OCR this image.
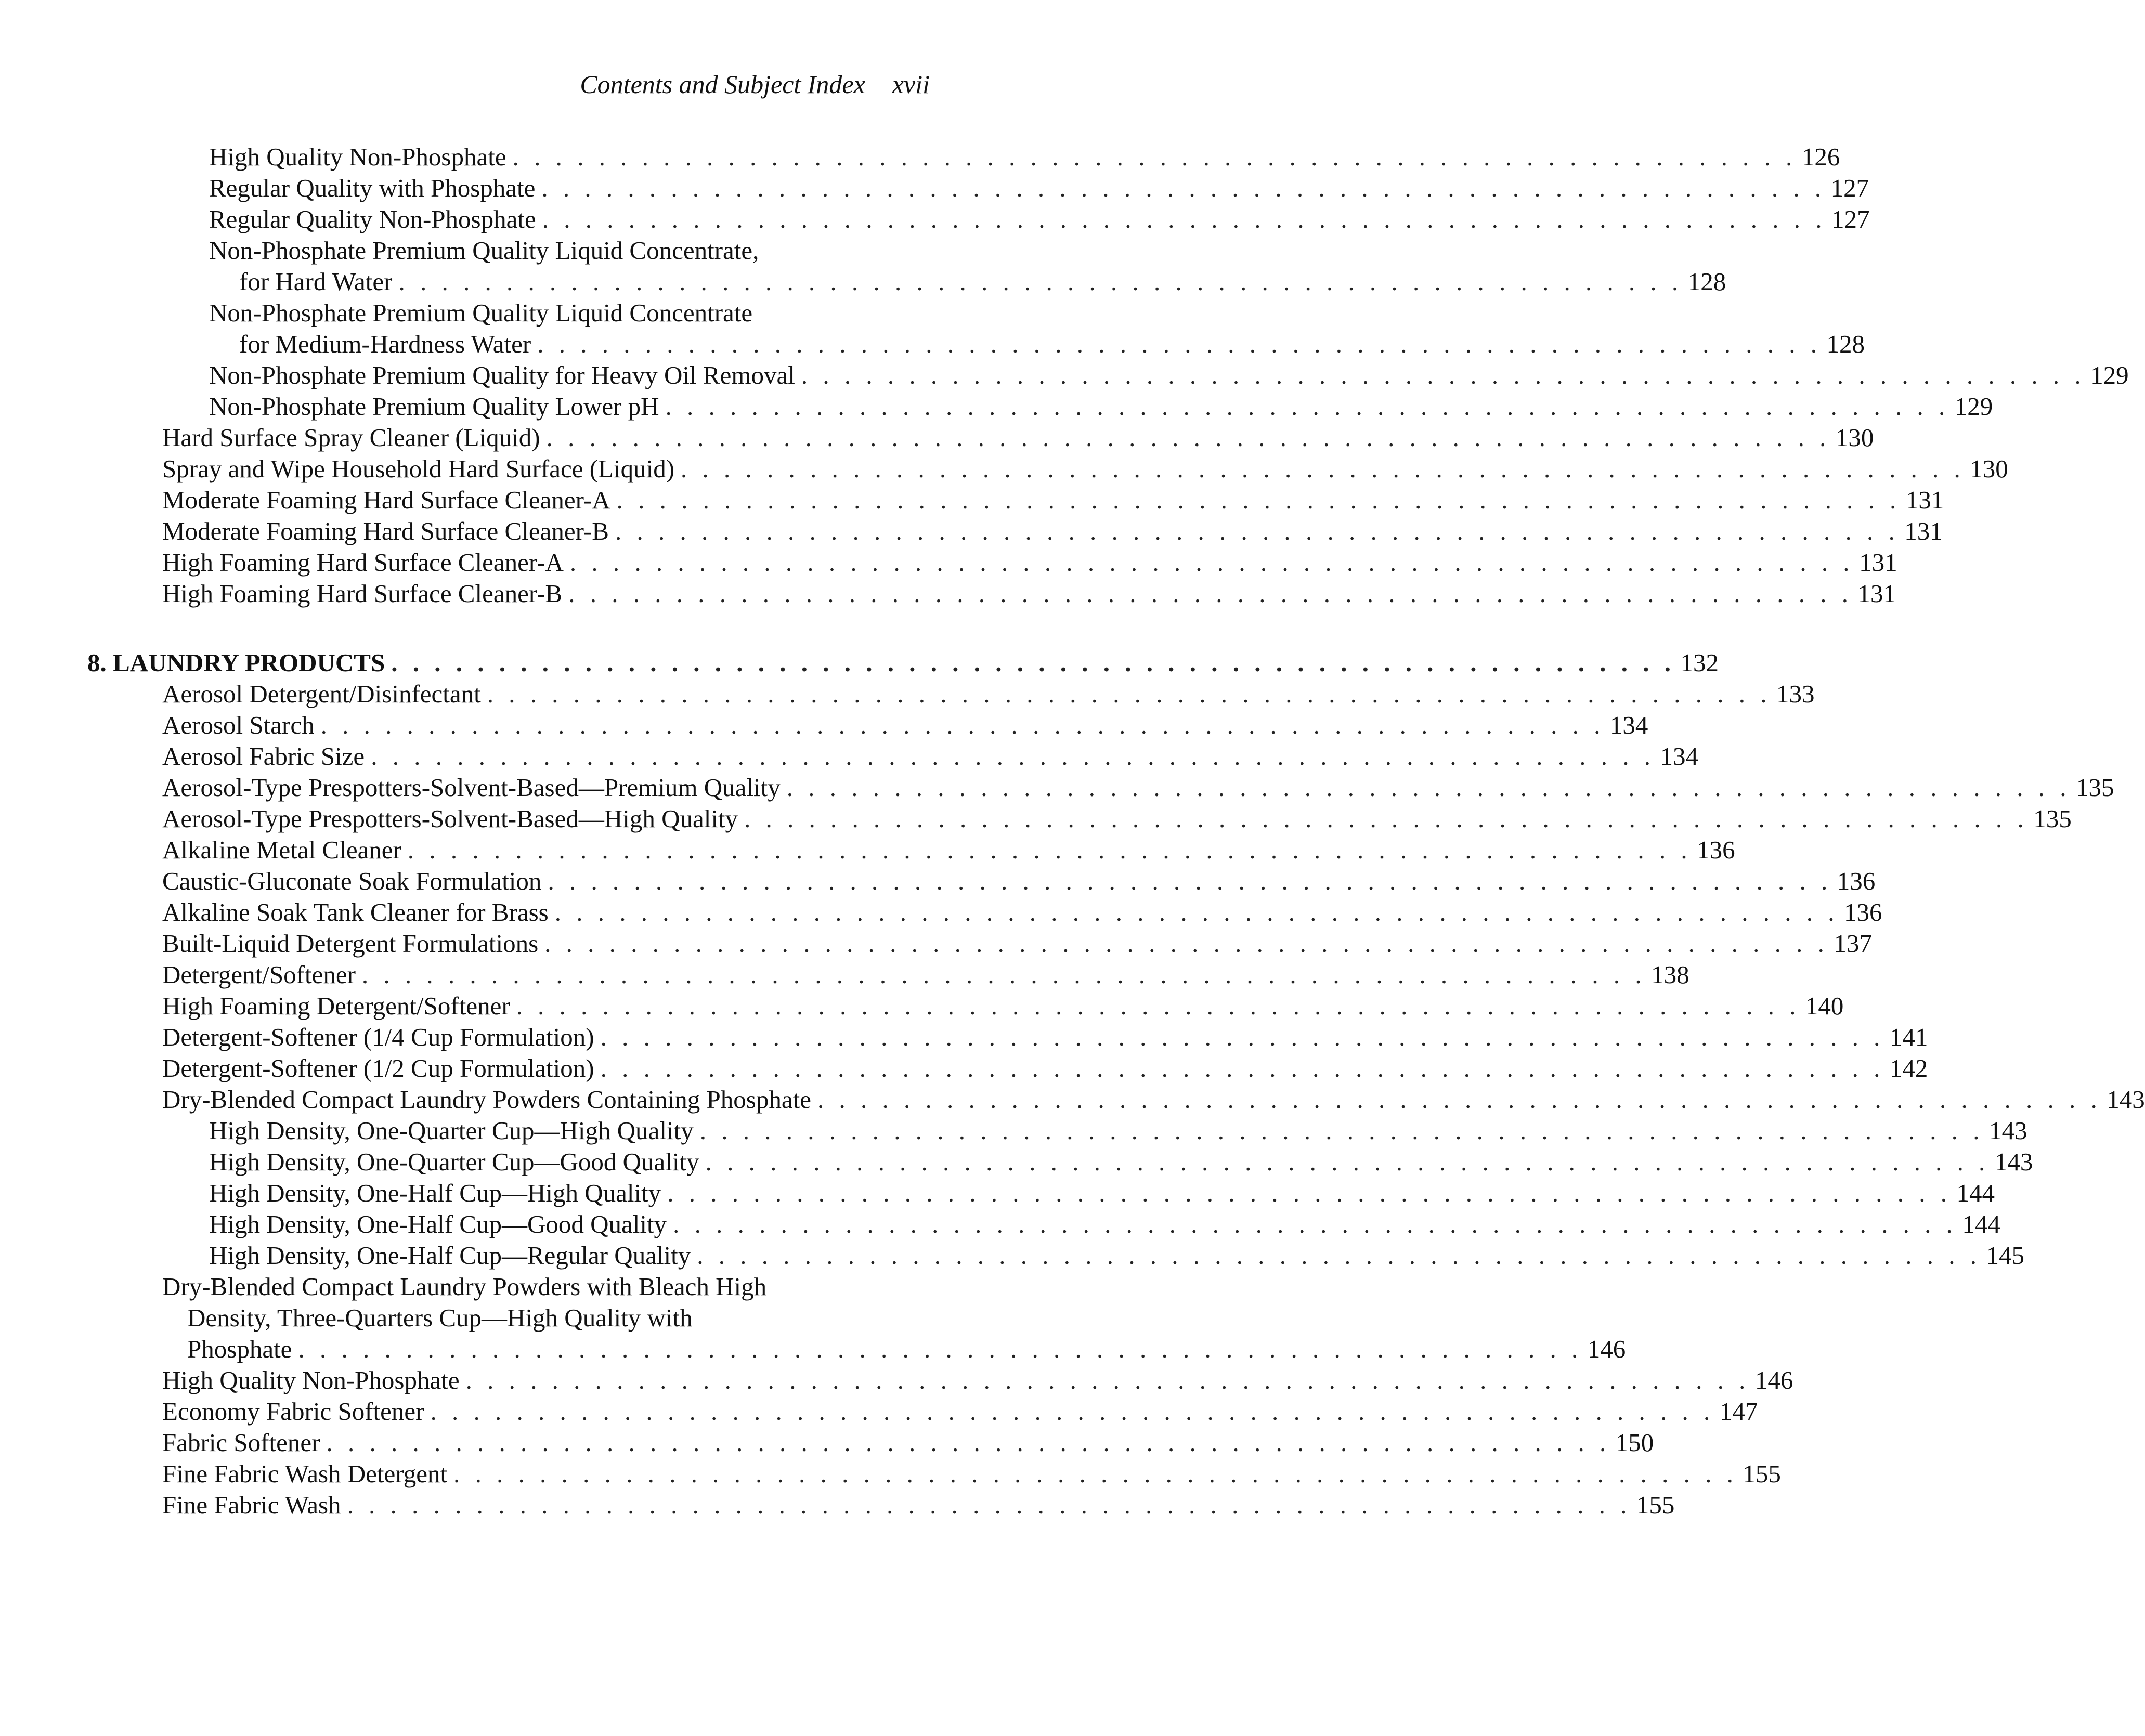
Contents and Subject Index xvii
High Quality Non-Phosphate . . . . . . . . . . . . . . . . . . . . . . . . . . . . . . . . . . . . . . . . . . . . . . . . . . . . . . . . . . . . 126
Regular Quality with Phosphate . . . . . . . . . . . . . . . . . . . . . . . . . . . . . . . . . . . . . . . . . . . . . . . . . . . . . . . . . . . . 127
Regular Quality Non-Phosphate . . . . . . . . . . . . . . . . . . . . . . . . . . . . . . . . . . . . . . . . . . . . . . . . . . . . . . . . . . . . 127
Non-Phosphate Premium Quality Liquid Concentrate,
for Hard Water . . . . . . . . . . . . . . . . . . . . . . . . . . . . . . . . . . . . . . . . . . . . . . . . . . . . . . . . . . . . 128
Non-Phosphate Premium Quality Liquid Concentrate
for Medium-Hardness Water . . . . . . . . . . . . . . . . . . . . . . . . . . . . . . . . . . . . . . . . . . . . . . . . . . . . . . . . . . . . 128
Non-Phosphate Premium Quality for Heavy Oil Removal . . . . . . . . . . . . . . . . . . . . . . . . . . . . . . . . . . . . . . . . . . . . . . . . . . . . . . . . . . . . 129
Non-Phosphate Premium Quality Lower pH . . . . . . . . . . . . . . . . . . . . . . . . . . . . . . . . . . . . . . . . . . . . . . . . . . . . . . . . . . . . 129
Hard Surface Spray Cleaner (Liquid) . . . . . . . . . . . . . . . . . . . . . . . . . . . . . . . . . . . . . . . . . . . . . . . . . . . . . . . . . . . . 130
Spray and Wipe Household Hard Surface (Liquid) . . . . . . . . . . . . . . . . . . . . . . . . . . . . . . . . . . . . . . . . . . . . . . . . . . . . . . . . . . . . 130
Moderate Foaming Hard Surface Cleaner-A . . . . . . . . . . . . . . . . . . . . . . . . . . . . . . . . . . . . . . . . . . . . . . . . . . . . . . . . . . . . 131
Moderate Foaming Hard Surface Cleaner-B . . . . . . . . . . . . . . . . . . . . . . . . . . . . . . . . . . . . . . . . . . . . . . . . . . . . . . . . . . . . 131
High Foaming Hard Surface Cleaner-A . . . . . . . . . . . . . . . . . . . . . . . . . . . . . . . . . . . . . . . . . . . . . . . . . . . . . . . . . . . . 131
High Foaming Hard Surface Cleaner-B . . . . . . . . . . . . . . . . . . . . . . . . . . . . . . . . . . . . . . . . . . . . . . . . . . . . . . . . . . . . 131
8. LAUNDRY PRODUCTS . . . . . . . . . . . . . . . . . . . . . . . . . . . . . . . . . . . . . . . . . . . . . . . . . . . . . . . . . . . . 132
Aerosol Detergent/Disinfectant . . . . . . . . . . . . . . . . . . . . . . . . . . . . . . . . . . . . . . . . . . . . . . . . . . . . . . . . . . . . 133
Aerosol Starch . . . . . . . . . . . . . . . . . . . . . . . . . . . . . . . . . . . . . . . . . . . . . . . . . . . . . . . . . . . . 134
Aerosol Fabric Size . . . . . . . . . . . . . . . . . . . . . . . . . . . . . . . . . . . . . . . . . . . . . . . . . . . . . . . . . . . . 134
Aerosol-Type Prespotters-Solvent-Based—Premium Quality . . . . . . . . . . . . . . . . . . . . . . . . . . . . . . . . . . . . . . . . . . . . . . . . . . . . . . . . . . . . 135
Aerosol-Type Prespotters-Solvent-Based—High Quality . . . . . . . . . . . . . . . . . . . . . . . . . . . . . . . . . . . . . . . . . . . . . . . . . . . . . . . . . . . . 135
Alkaline Metal Cleaner . . . . . . . . . . . . . . . . . . . . . . . . . . . . . . . . . . . . . . . . . . . . . . . . . . . . . . . . . . . . 136
Caustic-Gluconate Soak Formulation . . . . . . . . . . . . . . . . . . . . . . . . . . . . . . . . . . . . . . . . . . . . . . . . . . . . . . . . . . . . 136
Alkaline Soak Tank Cleaner for Brass . . . . . . . . . . . . . . . . . . . . . . . . . . . . . . . . . . . . . . . . . . . . . . . . . . . . . . . . . . . . 136
Built-Liquid Detergent Formulations . . . . . . . . . . . . . . . . . . . . . . . . . . . . . . . . . . . . . . . . . . . . . . . . . . . . . . . . . . . . 137
Detergent/Softener . . . . . . . . . . . . . . . . . . . . . . . . . . . . . . . . . . . . . . . . . . . . . . . . . . . . . . . . . . . . 138
High Foaming Detergent/Softener . . . . . . . . . . . . . . . . . . . . . . . . . . . . . . . . . . . . . . . . . . . . . . . . . . . . . . . . . . . . 140
Detergent-Softener (1/4 Cup Formulation) . . . . . . . . . . . . . . . . . . . . . . . . . . . . . . . . . . . . . . . . . . . . . . . . . . . . . . . . . . . . 141
Detergent-Softener (1/2 Cup Formulation) . . . . . . . . . . . . . . . . . . . . . . . . . . . . . . . . . . . . . . . . . . . . . . . . . . . . . . . . . . . . 142
Dry-Blended Compact Laundry Powders Containing Phosphate . . . . . . . . . . . . . . . . . . . . . . . . . . . . . . . . . . . . . . . . . . . . . . . . . . . . . . . . . . . . 143
High Density, One-Quarter Cup—High Quality . . . . . . . . . . . . . . . . . . . . . . . . . . . . . . . . . . . . . . . . . . . . . . . . . . . . . . . . . . . . 143
High Density, One-Quarter Cup—Good Quality . . . . . . . . . . . . . . . . . . . . . . . . . . . . . . . . . . . . . . . . . . . . . . . . . . . . . . . . . . . . 143
High Density, One-Half Cup—High Quality . . . . . . . . . . . . . . . . . . . . . . . . . . . . . . . . . . . . . . . . . . . . . . . . . . . . . . . . . . . . 144
High Density, One-Half Cup—Good Quality . . . . . . . . . . . . . . . . . . . . . . . . . . . . . . . . . . . . . . . . . . . . . . . . . . . . . . . . . . . . 144
High Density, One-Half Cup—Regular Quality . . . . . . . . . . . . . . . . . . . . . . . . . . . . . . . . . . . . . . . . . . . . . . . . . . . . . . . . . . . . 145
Dry-Blended Compact Laundry Powders with Bleach High
Density, Three-Quarters Cup—High Quality with
Phosphate . . . . . . . . . . . . . . . . . . . . . . . . . . . . . . . . . . . . . . . . . . . . . . . . . . . . . . . . . . . . 146
High Quality Non-Phosphate . . . . . . . . . . . . . . . . . . . . . . . . . . . . . . . . . . . . . . . . . . . . . . . . . . . . . . . . . . . . 146
Economy Fabric Softener . . . . . . . . . . . . . . . . . . . . . . . . . . . . . . . . . . . . . . . . . . . . . . . . . . . . . . . . . . . . 147
Fabric Softener . . . . . . . . . . . . . . . . . . . . . . . . . . . . . . . . . . . . . . . . . . . . . . . . . . . . . . . . . . . . 150
Fine Fabric Wash Detergent . . . . . . . . . . . . . . . . . . . . . . . . . . . . . . . . . . . . . . . . . . . . . . . . . . . . . . . . . . . . 155
Fine Fabric Wash . . . . . . . . . . . . . . . . . . . . . . . . . . . . . . . . . . . . . . . . . . . . . . . . . . . . . . . . . . . . 155
